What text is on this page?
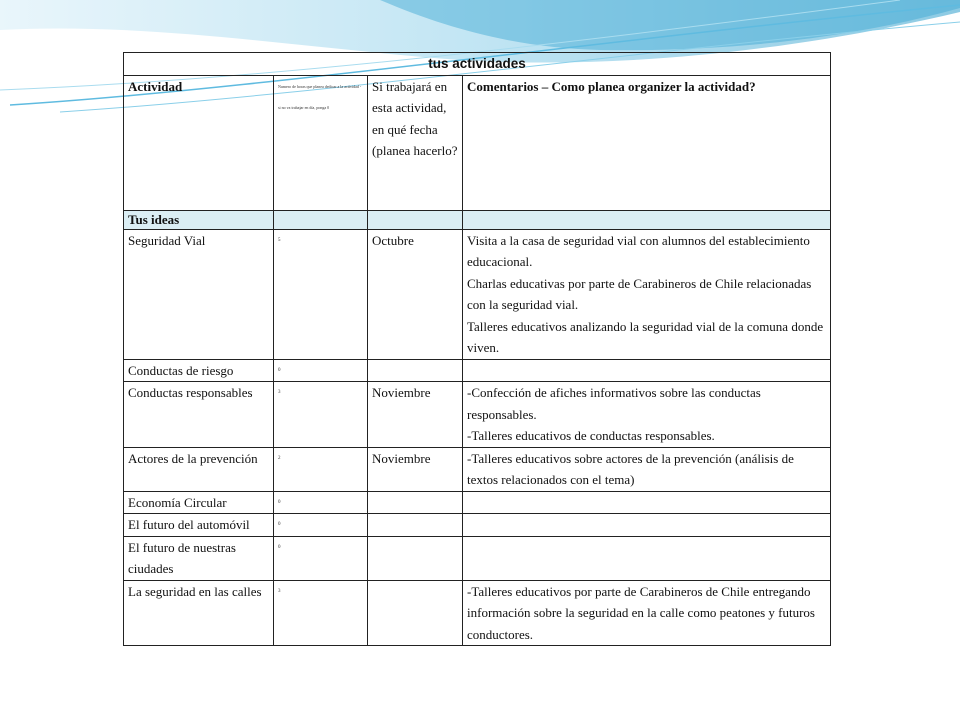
tus actividades			
Actividad	Numero de horas que planea dedicar a la actividad - si no va trabajar en día, ponga 0	Si trabajará en esta actividad, en qué fecha (planea hacerlo?	Comentarios – Como planea organizer la actividad?
Tus ideas			
Seguridad Vial	5	Octubre	Visita a la casa de seguridad vial con alumnos del establecimiento educacional.
Charlas educativas por parte de Carabineros de Chile relacionadas con la seguridad vial.
Talleres educativos analizando la seguridad vial de la comuna donde viven.

Conductas de riesgo	0		
Conductas responsables	3	Noviembre	-Confección de afiches informativos sobre las conductas responsables.
-Talleres educativos de conductas responsables.

Actores de la prevención	2	Noviembre	-Talleres educativos sobre actores de la prevención (análisis de textos relacionados con el tema)

Economía Circular	0		
El futuro del automóvil	0		
El futuro de nuestras ciudades	0		
La seguridad en las calles	3		-Talleres educativos por parte de Carabineros de Chile entregando información sobre la seguridad en la calle como peatones y futuros conductores.
